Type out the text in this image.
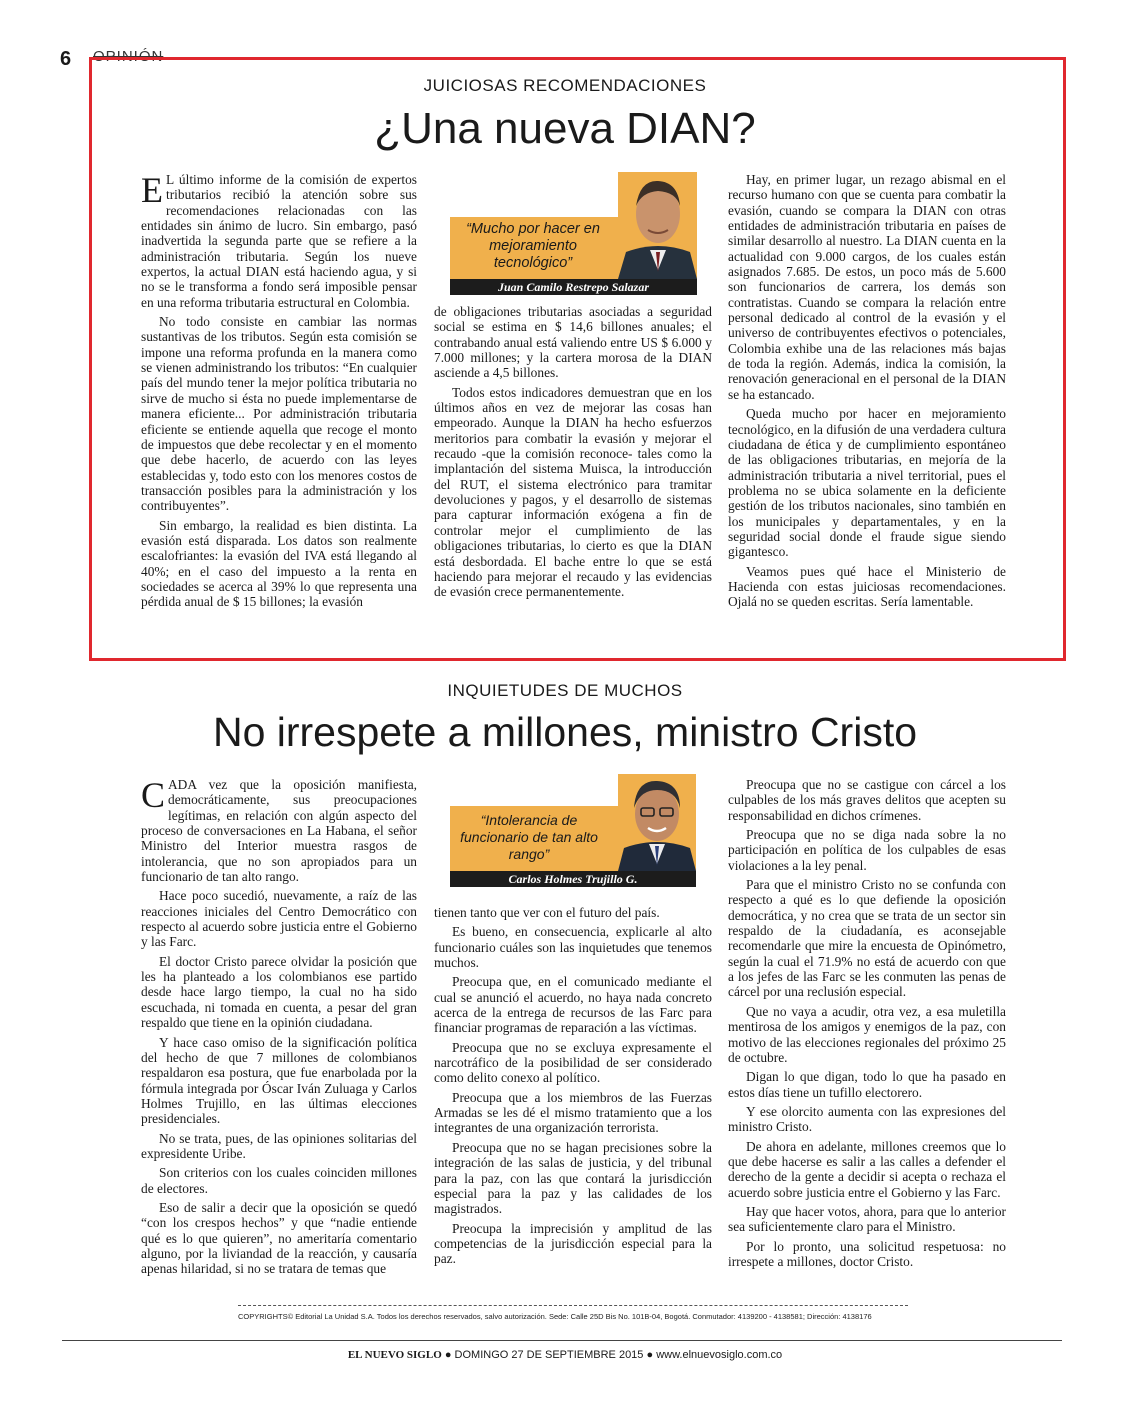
6 OPINIÓN
JUICIOSAS RECOMENDACIONES
¿Una nueva DIAN?

E L último informe de la comisión de expertos tributarios recibió la atención sobre sus recomendaciones relacionadas con las entidades sin ánimo de lucro. Sin embargo, pasó inadvertida la segunda parte que se refiere a la administración tributaria. Según los nueve expertos, la actual DIAN está haciendo agua, y si no se le transforma a fondo será imposible pensar en una reforma tributaria estructural en Colombia.

No todo consiste en cambiar las normas sustantivas de los tributos. Según esta comisión se impone una reforma profunda en la manera como se vienen administrando los tributos: “En cualquier país del mundo tener la mejor política tributaria no sirve de mucho si ésta no puede implementarse de manera eficiente... Por administración tributaria eficiente se entiende aquella que recoge el monto de impuestos que debe recolectar y en el momento que debe hacerlo, de acuerdo con las leyes establecidas y, todo esto con los menores costos de transacción posibles para la administración y los contribuyentes”.

Sin embargo, la realidad es bien distinta. La evasión está disparada. Los datos son realmente escalofriantes: la evasión del IVA está llegando al 40%; en el caso del impuesto a la renta en sociedades se acerca al 39% lo que representa una pérdida anual de $ 15 billones; la evasión

“Mucho por hacer en mejoramiento tecnológico”
Juan Camilo Restrepo Salazar

de obligaciones tributarias asociadas a seguridad social se estima en $ 14,6 billones anuales; el contrabando anual está valiendo entre US $ 6.000 y 7.000 millones; y la cartera morosa de la DIAN asciende a 4,5 billones.

Todos estos indicadores demuestran que en los últimos años en vez de mejorar las cosas han empeorado. Aunque la DIAN ha hecho esfuerzos meritorios para combatir la evasión y mejorar el recaudo -que la comisión reconoce- tales como la implantación del sistema Muisca, la introducción del RUT, el sistema electrónico para tramitar devoluciones y pagos, y el desarrollo de sistemas para capturar información exógena a fin de controlar mejor el cumplimiento de las obligaciones tributarias, lo cierto es que la DIAN está desbordada. El bache entre lo que se está haciendo para mejorar el recaudo y las evidencias de evasión crece permanentemente.

Hay, en primer lugar, un rezago abismal en el recurso humano con que se cuenta para combatir la evasión, cuando se compara la DIAN con otras entidades de administración tributaria en países de similar desarrollo al nuestro. La DIAN cuenta en la actualidad con 9.000 cargos, de los cuales están asignados 7.685. De estos, un poco más de 5.600 son funcionarios de carrera, los demás son contratistas. Cuando se compara la relación entre personal dedicado al control de la evasión y el universo de contribuyentes efectivos o potenciales, Colombia exhibe una de las relaciones más bajas de toda la región. Además, indica la comisión, la renovación generacional en el personal de la DIAN se ha estancado.

Queda mucho por hacer en mejoramiento tecnológico, en la difusión de una verdadera cultura ciudadana de ética y de cumplimiento espontáneo de las obligaciones tributarias, en mejoría de la administración tributaria a nivel territorial, pues el problema no se ubica solamente en la deficiente gestión de los tributos nacionales, sino también en los municipales y departamentales, y en la seguridad social donde el fraude sigue siendo gigantesco.

Veamos pues qué hace el Ministerio de Hacienda con estas juiciosas recomendaciones. Ojalá no se queden escritas. Sería lamentable.

INQUIETUDES DE MUCHOS
No irrespete a millones, ministro Cristo

CADA vez que la oposición manifiesta, democráticamente, sus preocupaciones legítimas, en relación con algún aspecto del proceso de conversaciones en La Habana, el señor Ministro del Interior muestra rasgos de intolerancia, que no son apropiados para un funcionario de tan alto rango.

Hace poco sucedió, nuevamente, a raíz de las reacciones iniciales del Centro Democrático con respecto al acuerdo sobre justicia entre el Gobierno y las Farc.

El doctor Cristo parece olvidar la posición que les ha planteado a los colombianos ese partido desde hace largo tiempo, la cual no ha sido escuchada, ni tomada en cuenta, a pesar del gran respaldo que tiene en la opinión ciudadana.

Y hace caso omiso de la significación política del hecho de que 7 millones de colombianos respaldaron esa postura, que fue enarbolada por la fórmula integrada por Óscar Iván Zuluaga y Carlos Holmes Trujillo, en las últimas elecciones presidenciales.

No se trata, pues, de las opiniones solitarias del expresidente Uribe.

Son criterios con los cuales coinciden millones de electores.

Eso de salir a decir que la oposición se quedó “con los crespos hechos” y que “nadie entiende qué es lo que quieren”, no ameritaría comentario alguno, por la liviandad de la reacción, y causaría apenas hilaridad, si no se tratara de temas que

“Intolerancia de funcionario de tan alto rango”
Carlos Holmes Trujillo G.

tienen tanto que ver con el futuro del país.

Es bueno, en consecuencia, explicarle al alto funcionario cuáles son las inquietudes que tenemos muchos.

Preocupa que, en el comunicado mediante el cual se anunció el acuerdo, no haya nada concreto acerca de la entrega de recursos de las Farc para financiar programas de reparación a las víctimas.

Preocupa que no se excluya expresamente el narcotráfico de la posibilidad de ser considerado como delito conexo al político.

Preocupa que a los miembros de las Fuerzas Armadas se les dé el mismo tratamiento que a los integrantes de una organización terrorista.

Preocupa que no se hagan precisiones sobre la integración de las salas de justicia, y del tribunal para la paz, con las que contará la jurisdicción especial para la paz y las calidades de los magistrados.

Preocupa la imprecisión y amplitud de las competencias de la jurisdicción especial para la paz.

Preocupa que no se castigue con cárcel a los culpables de los más graves delitos que acepten su responsabilidad en dichos crímenes.

Preocupa que no se diga nada sobre la no participación en política de los culpables de esas violaciones a la ley penal.

Para que el ministro Cristo no se confunda con respecto a qué es lo que defiende la oposición democrática, y no crea que se trata de un sector sin respaldo de la ciudadanía, es aconsejable recomendarle que mire la encuesta de Opinómetro, según la cual el 71.9% no está de acuerdo con que a los jefes de las Farc se les conmuten las penas de cárcel por una reclusión especial.

Que no vaya a acudir, otra vez, a esa muletilla mentirosa de los amigos y enemigos de la paz, con motivo de las elecciones regionales del próximo 25 de octubre.

Digan lo que digan, todo lo que ha pasado en estos días tiene un tufillo electorero.

Y ese olorcito aumenta con las expresiones del ministro Cristo.

De ahora en adelante, millones creemos que lo que debe hacerse es salir a las calles a defender el derecho de la gente a decidir si acepta o rechaza el acuerdo sobre justicia entre el Gobierno y las Farc.

Hay que hacer votos, ahora, para que lo anterior sea suficientemente claro para el Ministro.

Por lo pronto, una solicitud respetuosa: no irrespete a millones, doctor Cristo.

COPYRIGHTS© Editorial La Unidad S.A. Todos los derechos reservados, salvo autorización. Sede: Calle 25D Bis No. 101B-04, Bogotá. Conmutador: 4139200 - 4138581; Dirección: 4138176
EL NUEVO SIGLO ● DOMINGO 27 DE SEPTIEMBRE 2015 ● www.elnuevosiglo.com.co
